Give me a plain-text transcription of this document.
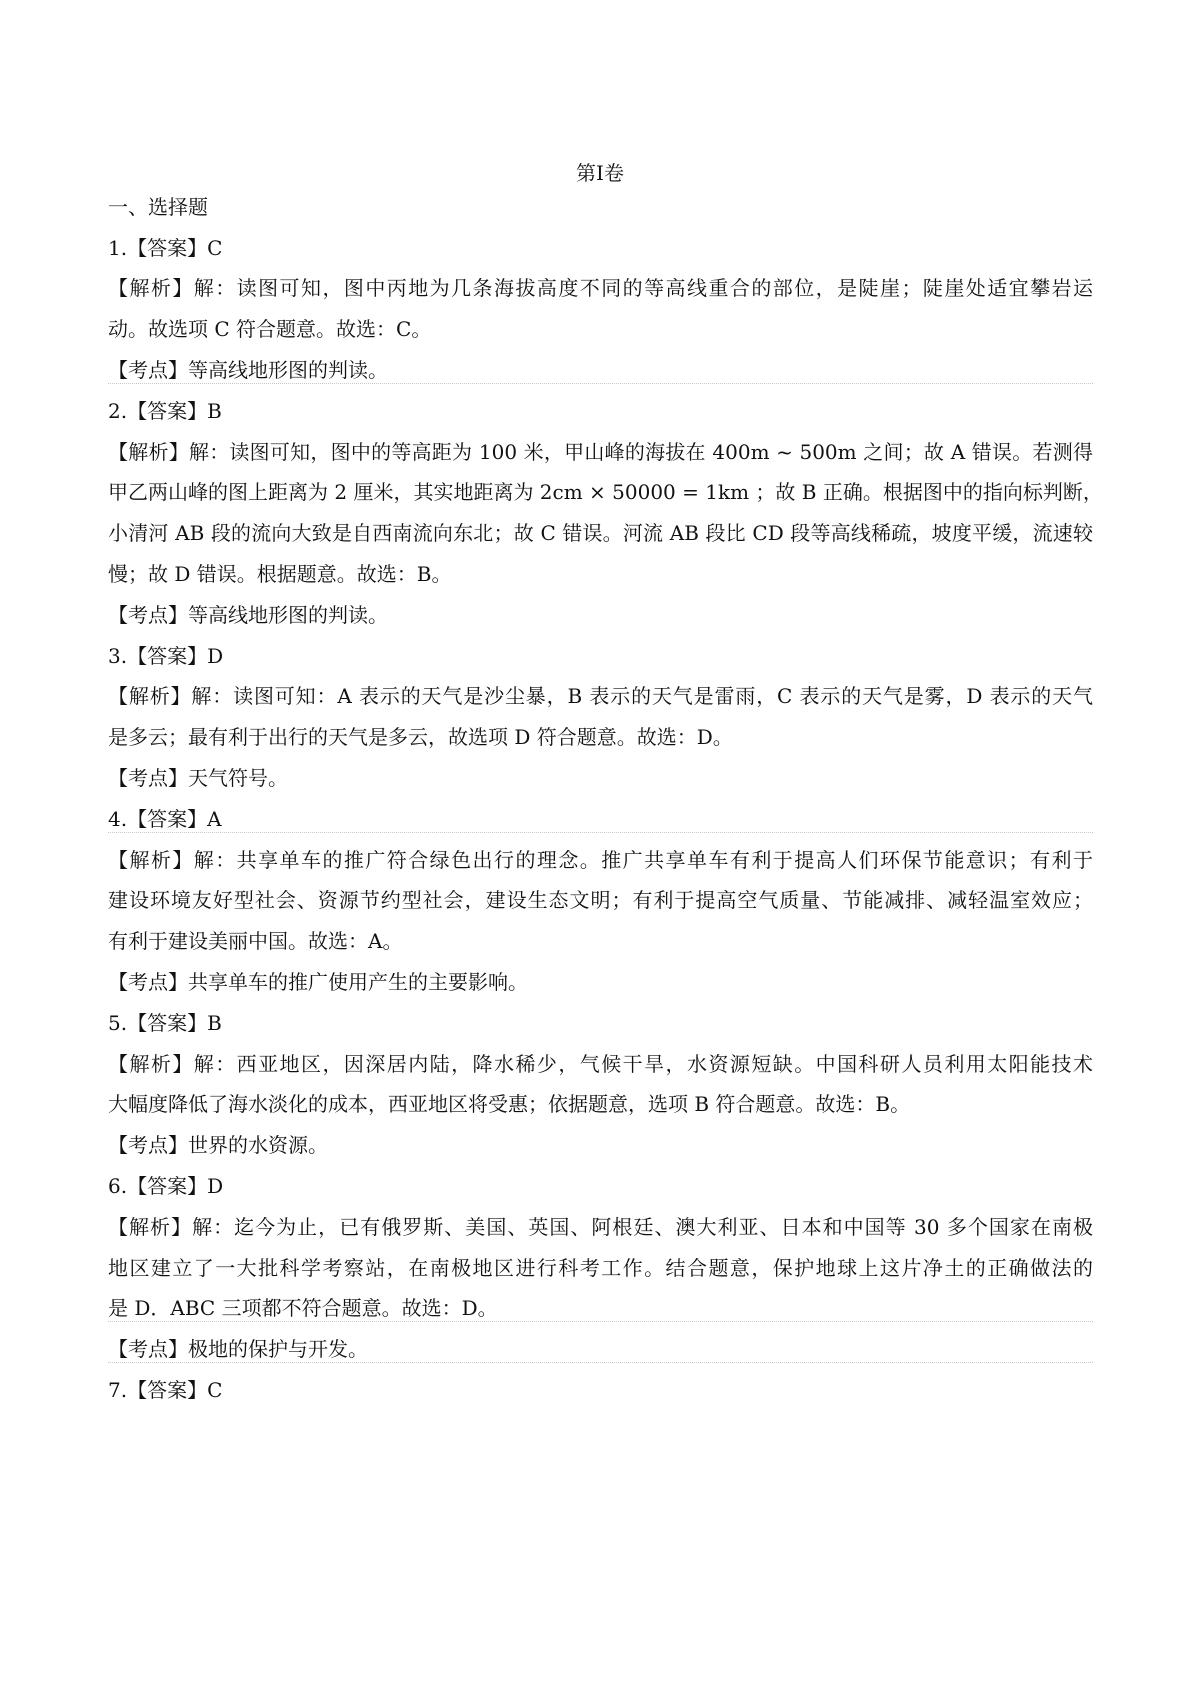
第Ⅰ卷
一、选择题
1.【答案】C
【解析】解：读图可知，图中丙地为几条海拔高度不同的等高线重合的部位，是陡崖；陡崖处适宜攀岩运
动。故选项 C 符合题意。故选：C。
【考点】等高线地形图的判读。
2.【答案】B
【解析】解：读图可知，图中的等高距为 100 米，甲山峰的海拔在 400m ~ 500m 之间；故 A 错误。若测得
甲乙两山峰的图上距离为 2 厘米，其实地距离为 2cm × 50000 = 1km ；故 B 正确。根据图中的指向标判断，
小清河 AB 段的流向大致是自西南流向东北；故 C 错误。河流 AB 段比 CD 段等高线稀疏，坡度平缓，流速较
慢；故 D 错误。根据题意。故选：B。
【考点】等高线地形图的判读。
3.【答案】D
【解析】解：读图可知：A 表示的天气是沙尘暴，B 表示的天气是雷雨，C 表示的天气是雾，D 表示的天气
是多云；最有利于出行的天气是多云，故选项 D 符合题意。故选：D。
【考点】天气符号。
4.【答案】A
【解析】解：共享单车的推广符合绿色出行的理念。推广共享单车有利于提高人们环保节能意识；有利于
建设环境友好型社会、资源节约型社会，建设生态文明；有利于提高空气质量、节能减排、减轻温室效应；
有利于建设美丽中国。故选：A。
【考点】共享单车的推广使用产生的主要影响。
5.【答案】B
【解析】解：西亚地区，因深居内陆，降水稀少，气候干旱，水资源短缺。中国科研人员利用太阳能技术
大幅度降低了海水淡化的成本，西亚地区将受惠；依据题意，选项 B 符合题意。故选：B。
【考点】世界的水资源。
6.【答案】D
【解析】解：迄今为止，已有俄罗斯、美国、英国、阿根廷、澳大利亚、日本和中国等 30 多个国家在南极
地区建立了一大批科学考察站，在南极地区进行科考工作。结合题意，保护地球上这片净土的正确做法的
是 D．ABC 三项都不符合题意。故选：D。
【考点】极地的保护与开发。
7.【答案】C
